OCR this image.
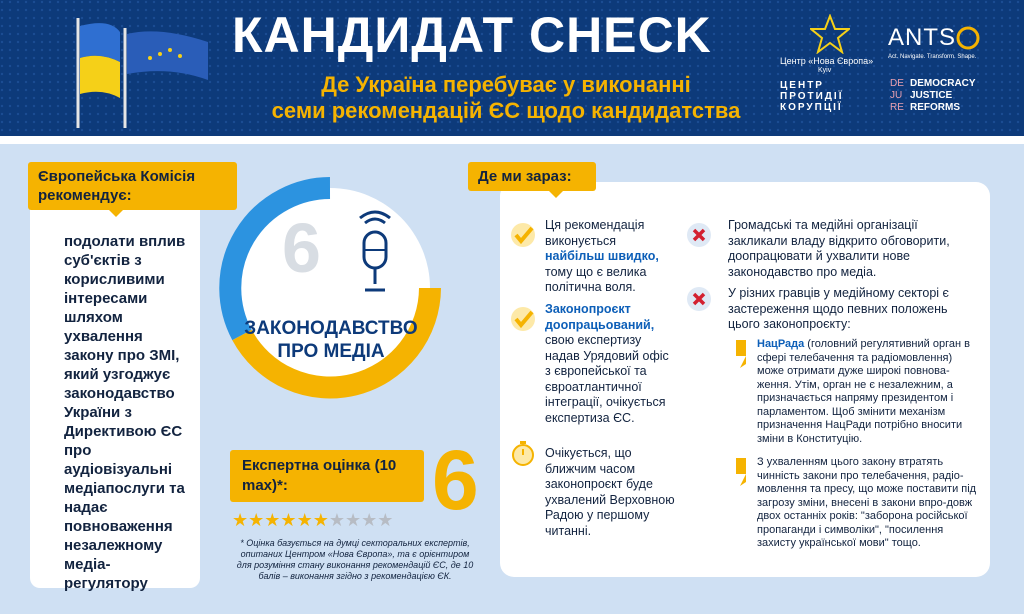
КАНДИДАТ CHECK
Де Україна перебуває у виконанні
семи рекомендацій ЄС щодо кандидатства
Центр «Нова Європа»
Kyiv
ANTS
Act. Navigate. Transform. Shape.
ЦЕНТР
ПРОТИДІЇ
КОРУПЦІЇ
DE
JU
RE
DEMOCRACY
JUSTICE
REFORMS
Європейська Комісія рекомендує:
подолати вплив суб'єктів з корисливими інтересами шляхом ухвалення закону про ЗМІ, який узгоджує законодавство України з Директивою ЄС про аудіовізуальні медіапослуги та надає повноваження незалежному медіа-регулятору
6
ЗАКОНОДАВСТВО
ПРО МЕДІА
Експертна оцінка (10 max)*:	6
★★★★★★★★★★
* Оцінка базується на думці секторальних експертів, опитаних Центром «Нова Європа», та є орієнтиром для розуміння стану виконання рекомендацій ЄС, де 10 балів – виконання згідно з рекомендацією ЄК.
Де ми зараз:
Ця рекомендація виконується найбільш швидко, тому що є велика політична воля.
Законопроєкт доопрацьований, свою експертизу надав Урядовий офіс з європейської та євроатлантичної інтеграції, очікується експертиза ЄС.
Очікується, що ближчим часом законопроєкт буде ухвалений Верховною Радою у першому читанні.
Громадські та медійні організації закликали владу відкрито обговорити, доопрацювати й ухвалити нове законодавство про медіа.
У різних гравців у медійному секторі є застереження щодо певних положень цього законопроєкту:
НацРада (головний регулятивний орган в сфері телебачення та радіомовлення) може отримати дуже широкі повнова-ження. Утім, орган не є незалежним, а призначається напряму президентом і парламентом. Щоб змінити механізм призначення НацРади потрібно вносити зміни в Конституцію.
З ухваленням цього закону втратять чинність закони про телебачення, радіо-мовлення та пресу, що може поставити під загрозу зміни, внесені в закони впро-довж двох останніх років: "заборона російської пропаганди і символіки", "посилення захисту української мови" тощо.
